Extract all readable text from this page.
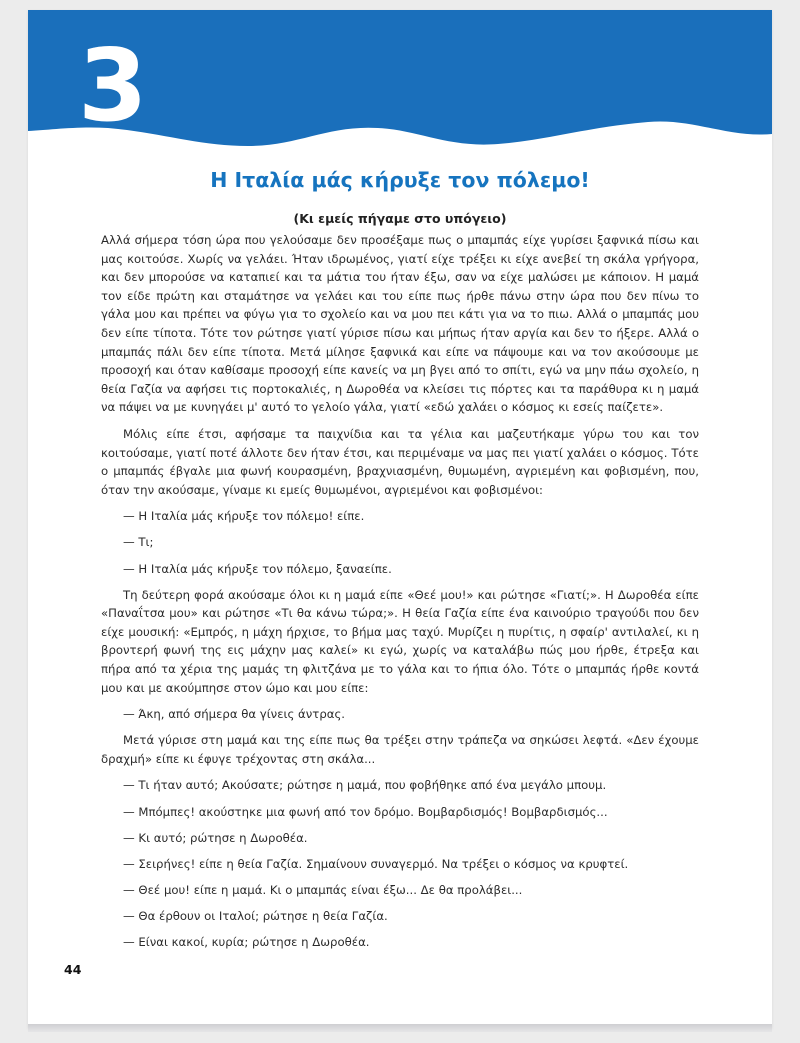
3
Η Ιταλία μάς κήρυξε τον πόλεμο!
(Κι εμείς πήγαμε στο υπόγειο)

Αλλά σήμερα τόση ώρα που γελούσαμε δεν προσέξαμε πως ο μπαμπάς είχε γυρίσει ξαφνικά πίσω και μας κοιτούσε. Χωρίς να γελάει. Ήταν ιδρωμένος, γιατί είχε τρέξει κι είχε ανεβεί τη σκάλα γρήγορα, και δεν μπορούσε να καταπιεί και τα μάτια του ήταν έξω, σαν να είχε μαλώσει με κάποιον. Η μαμά τον είδε πρώτη και σταμάτησε να γελάει και του είπε πως ήρθε πάνω στην ώρα που δεν πίνω το γάλα μου και πρέπει να φύγω για το σχολείο και να μου πει κάτι για να το πιω. Αλλά ο μπαμπάς μου δεν είπε τίποτα. Τότε τον ρώτησε γιατί γύρισε πίσω και μήπως ήταν αργία και δεν το ήξερε. Αλλά ο μπαμπάς πάλι δεν είπε τίποτα. Μετά μίλησε ξαφνικά και είπε να πάψουμε και να τον ακούσουμε με προσοχή και όταν καθίσαμε προσοχή είπε κανείς να μη βγει από το σπίτι, εγώ να μην πάω σχολείο, η θεία Γαζία να αφήσει τις πορτοκαλιές, η Δωροθέα να κλείσει τις πόρτες και τα παράθυρα κι η μαμά να πάψει να με κυνηγάει μ' αυτό το γελοίο γάλα, γιατί «εδώ χαλάει ο κόσμος κι εσείς παίζετε».

Μόλις είπε έτσι, αφήσαμε τα παιχνίδια και τα γέλια και μαζευτήκαμε γύρω του και τον κοιτούσαμε, γιατί ποτέ άλλοτε δεν ήταν έτσι, και περιμέναμε να μας πει γιατί χαλάει ο κόσμος. Τότε ο μπαμπάς έβγαλε μια φωνή κουρασμένη, βραχνιασμένη, θυμωμένη, αγριεμένη και φοβισμένη, που, όταν την ακούσαμε, γίναμε κι εμείς θυμωμένοι, αγριεμένοι και φοβισμένοι:

— Η Ιταλία μάς κήρυξε τον πόλεμο! είπε.

— Τι;

— Η Ιταλία μάς κήρυξε τον πόλεμο, ξαναείπε.

Τη δεύτερη φορά ακούσαμε όλοι κι η μαμά είπε «Θεέ μου!» και ρώτησε «Γιατί;». Η Δωροθέα είπε «Παναΐτσα μου» και ρώτησε «Τι θα κάνω τώρα;». Η θεία Γαζία είπε ένα καινούριο τραγούδι που δεν είχε μουσική: «Εμπρός, η μάχη ήρχισε, το βήμα μας ταχύ. Μυρίζει η πυρίτις, η σφαίρ' αντιλαλεί, κι η βροντερή φωνή της εις μάχην μας καλεί» κι εγώ, χωρίς να καταλάβω πώς μου ήρθε, έτρεξα και πήρα από τα χέρια της μαμάς τη φλιτζάνα με το γάλα και το ήπια όλο. Τότε ο μπαμπάς ήρθε κοντά μου και με ακούμπησε στον ώμο και μου είπε:

— Άκη, από σήμερα θα γίνεις άντρας.

Μετά γύρισε στη μαμά και της είπε πως θα τρέξει στην τράπεζα να σηκώσει λεφτά. «Δεν έχουμε δραχμή» είπε κι έφυγε τρέχοντας στη σκάλα...

— Τι ήταν αυτό; Ακούσατε; ρώτησε η μαμά, που φοβήθηκε από ένα μεγάλο μπουμ.

— Μπόμπες! ακούστηκε μια φωνή από τον δρόμο. Βομβαρδισμός! Βομβαρδισμός...

— Κι αυτό; ρώτησε η Δωροθέα.

— Σειρήνες! είπε η θεία Γαζία. Σημαίνουν συναγερμό. Να τρέξει ο κόσμος να κρυφτεί.

— Θεέ μου! είπε η μαμά. Κι ο μπαμπάς είναι έξω... Δε θα προλάβει...

— Θα έρθουν οι Ιταλοί; ρώτησε η θεία Γαζία.

— Είναι κακοί, κυρία; ρώτησε η Δωροθέα.

44
